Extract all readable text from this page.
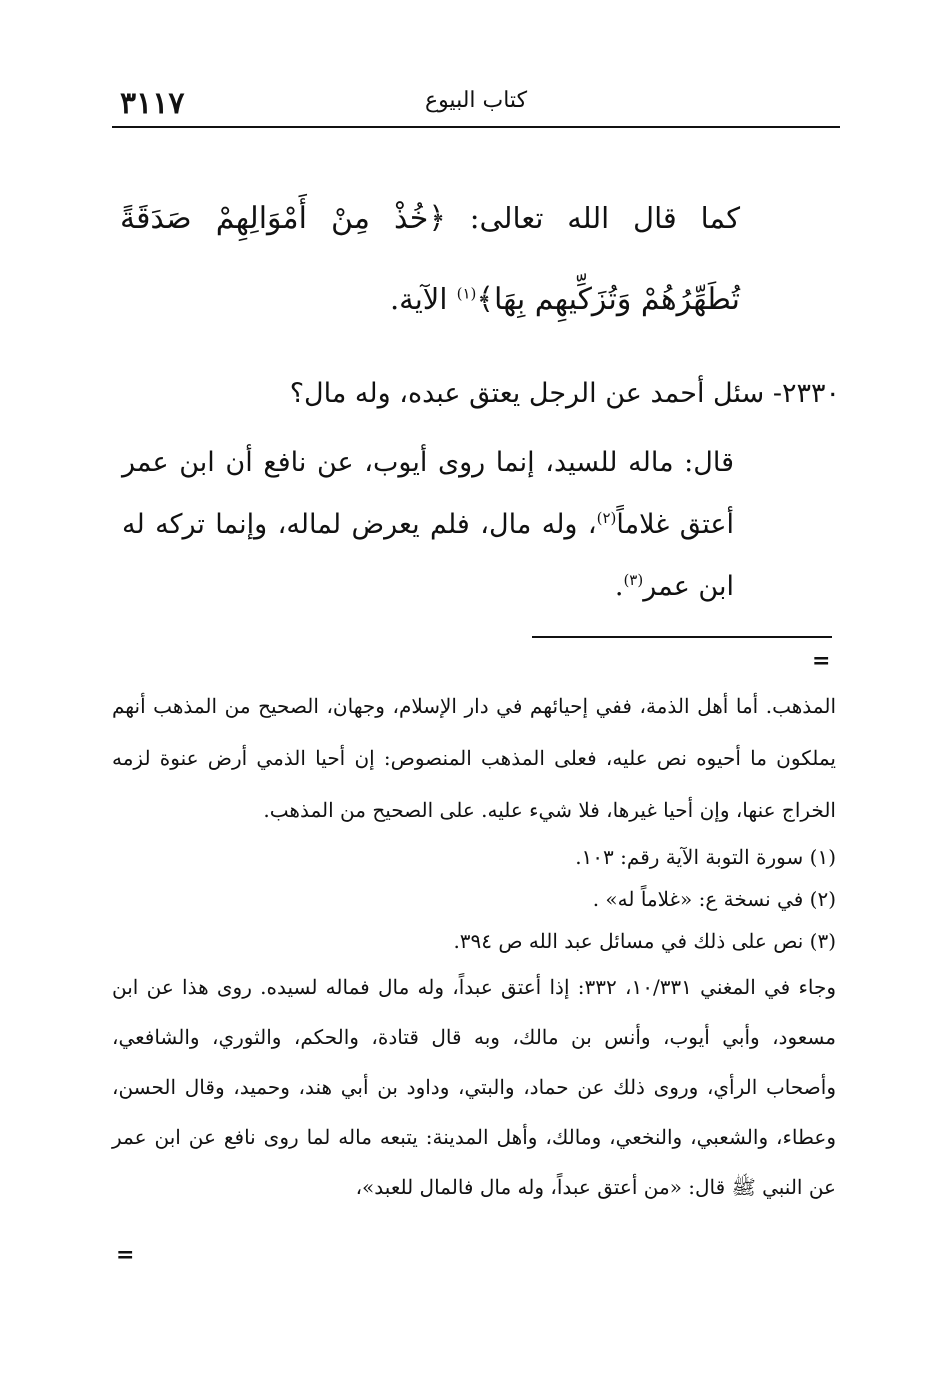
٣١١٧	كتاب البيوع
كما قال الله تعالى: ﴿خُذْ مِنْ أَمْوَالِهِمْ صَدَقَةً تُطَهِّرُهُمْ وَتُزَكِّيهِم بِهَا﴾$^{(١)}$ الآية.
٢٣٣٠- سئل أحمد عن الرجل يعتق عبده، وله مال؟
قال: ماله للسيد، إنما روى أيوب، عن نافع أن ابن عمر أعتق غلاماً$^{(٢)}$، وله مال، فلم يعرض لماله، وإنما تركه له ابن عمر$^{(٣)}$.
=

المذهب. أما أهل الذمة، ففي إحيائهم في دار الإسلام، وجهان، الصحيح من المذهب أنهم يملكون ما أحيوه نص عليه، فعلى المذهب المنصوص: إن أحيا الذمي أرض عنوة لزمه الخراج عنها، وإن أحيا غيرها، فلا شيء عليه. على الصحيح من المذهب.

(١) سورة التوبة الآية رقم: ١٠٣.

(٢) في نسخة ع: «غلاماً له» .

(٣) نص على ذلك في مسائل عبد الله ص ٣٩٤.

وجاء في المغني ١٠/٣٣١، ٣٣٢: إذا أعتق عبداً، وله مال فماله لسيده. روى هذا عن ابن مسعود، وأبي أيوب، وأنس بن مالك، وبه قال قتادة، والحكم، والثوري، والشافعي، وأصحاب الرأي، وروى ذلك عن حماد، والبتي، وداود بن أبي هند، وحميد، وقال الحسن، وعطاء، والشعبي، والنخعي، ومالك، وأهل المدينة: يتبعه ماله لما روى نافع عن ابن عمر عن النبي ﷺ قال: «من أعتق عبداً، وله مال فالمال للعبد»،

=
